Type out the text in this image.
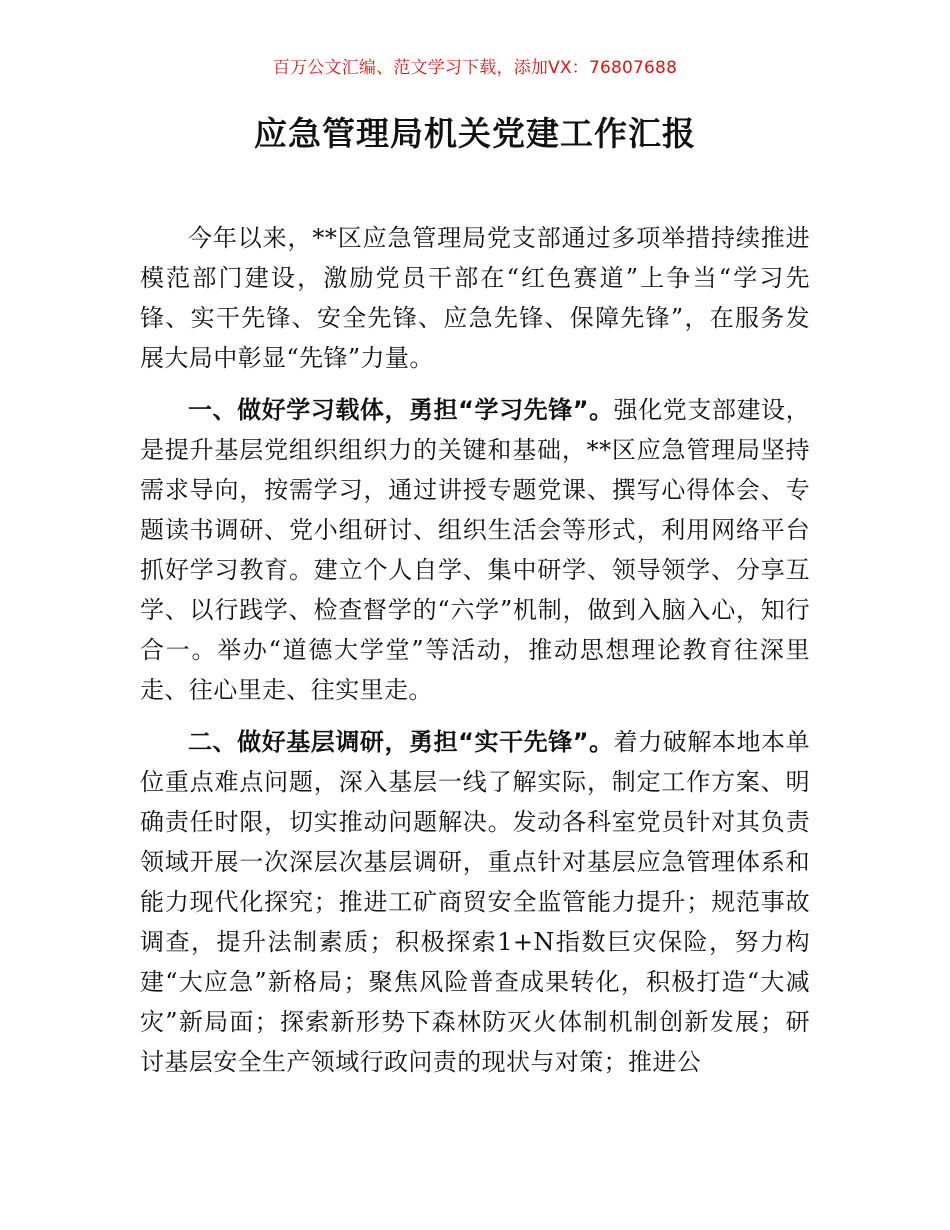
百万公文汇编、范文学习下载，添加VX：76807688
应急管理局机关党建工作汇报

今年以来，**区应急管理局党支部通过多项举措持续推进模范部门建设，激励党员干部在“红色赛道”上争当“学习先锋、实干先锋、安全先锋、应急先锋、保障先锋”，在服务发展大局中彰显“先锋”力量。

一、做好学习载体，勇担“学习先锋”。强化党支部建设，是提升基层党组织组织力的关键和基础，**区应急管理局坚持需求导向，按需学习，通过讲授专题党课、撰写心得体会、专题读书调研、党小组研讨、组织生活会等形式，利用网络平台抓好学习教育。建立个人自学、集中研学、领导领学、分享互学、以行践学、检查督学的“六学”机制，做到入脑入心，知行合一。举办“道德大学堂”等活动，推动思想理论教育往深里走、往心里走、往实里走。

二、做好基层调研，勇担“实干先锋”。着力破解本地本单位重点难点问题，深入基层一线了解实际，制定工作方案、明确责任时限，切实推动问题解决。发动各科室党员针对其负责领域开展一次深层次基层调研，重点针对基层应急管理体系和能力现代化探究；推进工矿商贸安全监管能力提升；规范事故调查，提升法制素质；积极探索1+N指数巨灾保险，努力构建“大应急”新格局；聚焦风险普查成果转化，积极打造“大减灾”新局面；探索新形势下森林防灭火体制机制创新发展；研讨基层安全生产领域行政问责的现状与对策；推进公
